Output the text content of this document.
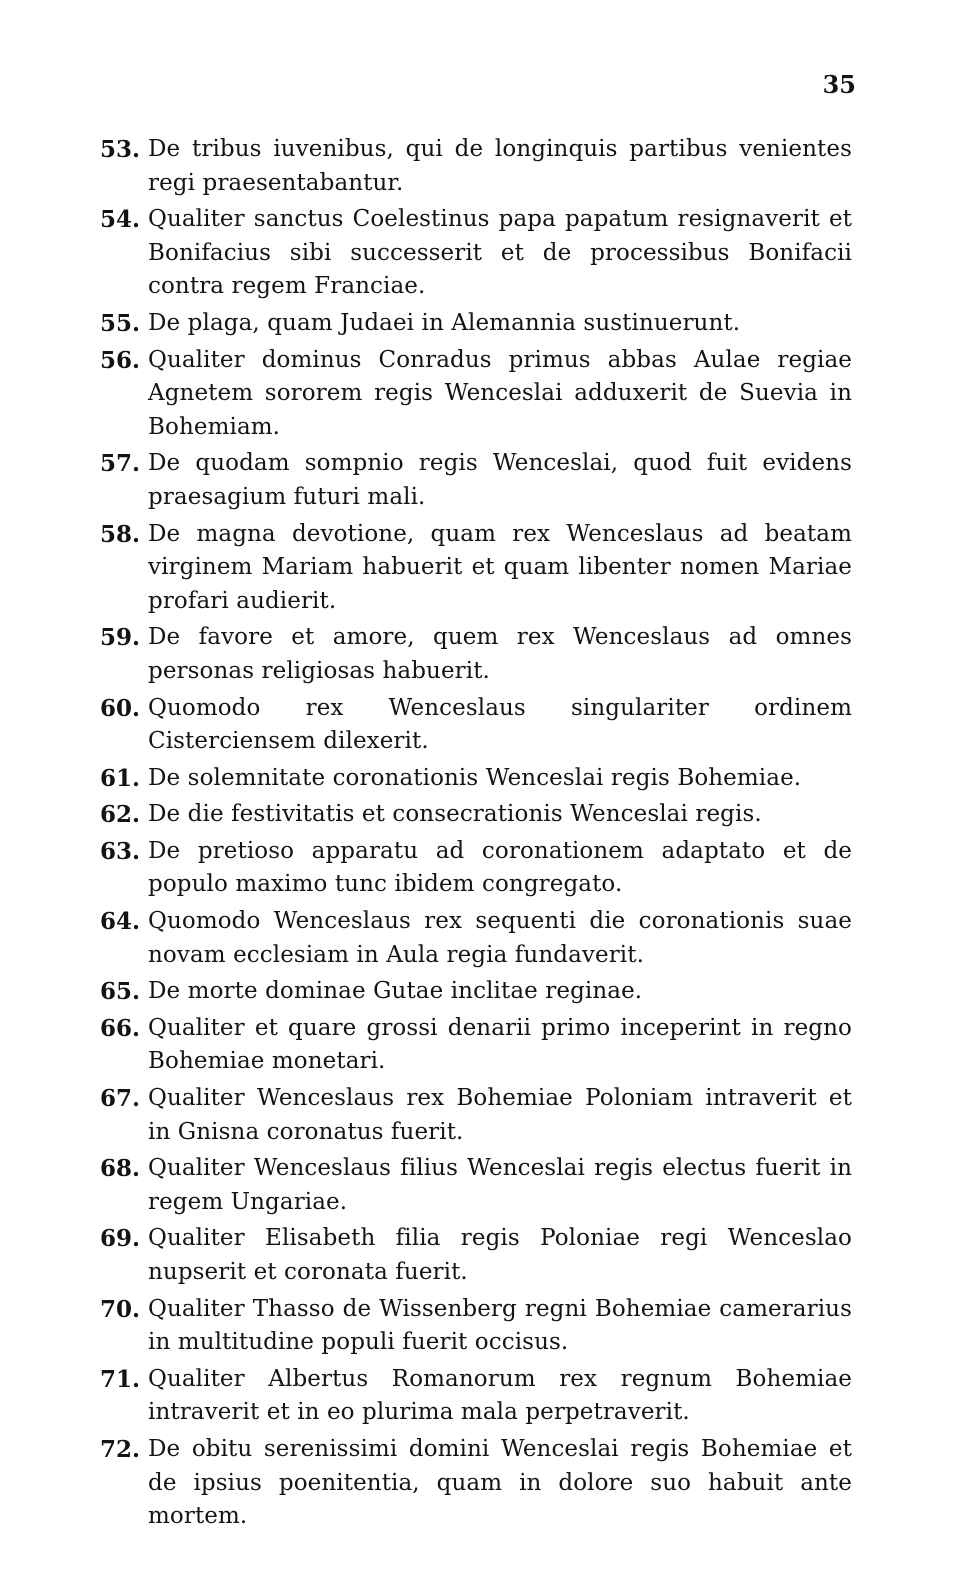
35
53. De tribus iuvenibus, qui de longinquis partibus venientes regi praesentabantur.
54. Qualiter sanctus Coelestinus papa papatum resignaverit et Bonifacius sibi successerit et de processibus Bonifacii contra regem Franciae.
55. De plaga, quam Judaei in Alemannia sustinuerunt.
56. Qualiter dominus Conradus primus abbas Aulae regiae Agnetem sororem regis Wenceslai adduxerit de Suevia in Bohemiam.
57. De quodam sompnio regis Wenceslai, quod fuit evidens praesagium futuri mali.
58. De magna devotione, quam rex Wenceslaus ad beatam virginem Mariam habuerit et quam libenter nomen Mariae profari audierit.
59. De favore et amore, quem rex Wenceslaus ad omnes personas religiosas habuerit.
60. Quomodo rex Wenceslaus singulariter ordinem Cisterciensem dilexerit.
61. De solemnitate coronationis Wenceslai regis Bohemiae.
62. De die festivitatis et consecrationis Wenceslai regis.
63. De pretioso apparatu ad coronationem adaptato et de populo maximo tunc ibidem congregato.
64. Quomodo Wenceslaus rex sequenti die coronationis suae novam ecclesiam in Aula regia fundaverit.
65. De morte dominae Gutae inclitae reginae.
66. Qualiter et quare grossi denarii primo inceperint in regno Bohemiae monetari.
67. Qualiter Wenceslaus rex Bohemiae Poloniam intraverit et in Gnisna coronatus fuerit.
68. Qualiter Wenceslaus filius Wenceslai regis electus fuerit in regem Ungariae.
69. Qualiter Elisabeth filia regis Poloniae regi Wenceslao nupserit et coronata fuerit.
70. Qualiter Thasso de Wissenberg regni Bohemiae camerarius in multitudine populi fuerit occisus.
71. Qualiter Albertus Romanorum rex regnum Bohemiae intraverit et in eo plurima mala perpetraverit.
72. De obitu serenissimi domini Wenceslai regis Bohemiae et de ipsius poenitentia, quam in dolore suo habuit ante mortem.
